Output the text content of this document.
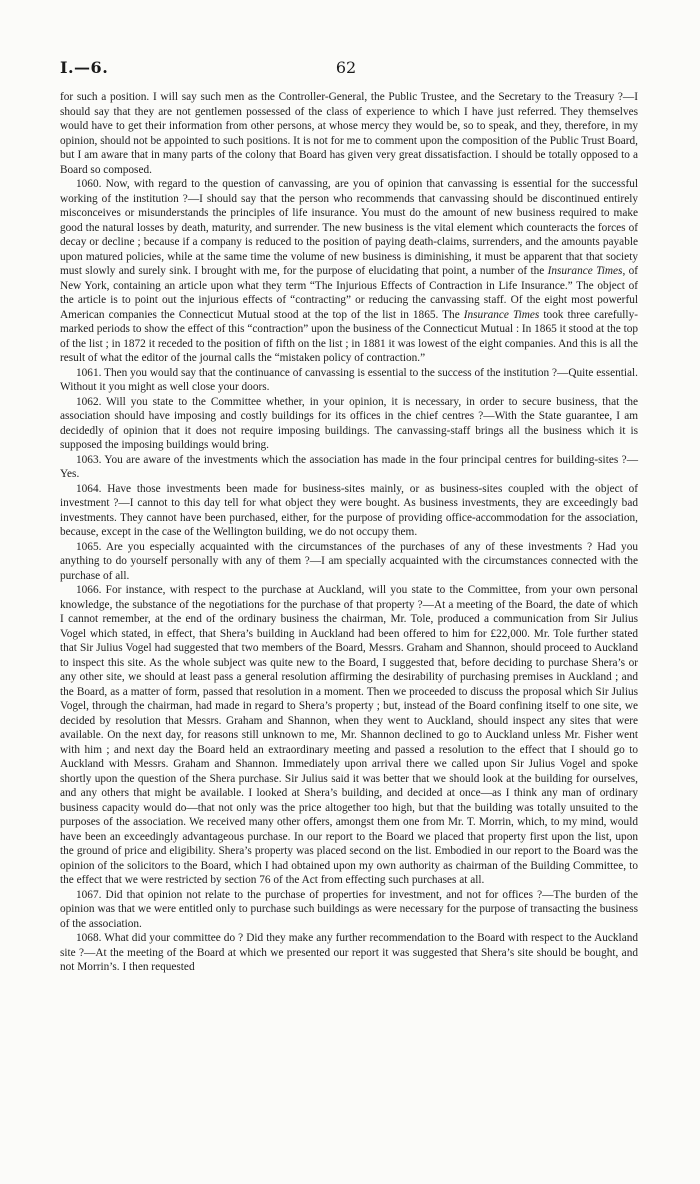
I.—6.	62

for such a position. I will say such men as the Controller-General, the Public Trustee, and the Secretary to the Treasury ?—I should say that they are not gentlemen possessed of the class of experience to which I have just referred. They themselves would have to get their information from other persons, at whose mercy they would be, so to speak, and they, therefore, in my opinion, should not be appointed to such positions. It is not for me to comment upon the composition of the Public Trust Board, but I am aware that in many parts of the colony that Board has given very great dissatisfaction. I should be totally opposed to a Board so composed.

1060. Now, with regard to the question of canvassing, are you of opinion that canvassing is essential for the successful working of the institution ?—I should say that the person who recommends that canvassing should be discontinued entirely misconceives or misunderstands the principles of life insurance. You must do the amount of new business required to make good the natural losses by death, maturity, and surrender. The new business is the vital element which counteracts the forces of decay or decline ; because if a company is reduced to the position of paying death-claims, surrenders, and the amounts payable upon matured policies, while at the same time the volume of new business is diminishing, it must be apparent that that society must slowly and surely sink. I brought with me, for the purpose of elucidating that point, a number of the Insurance Times, of New York, containing an article upon what they term “The Injurious Effects of Contraction in Life Insurance.” The object of the article is to point out the injurious effects of “contracting” or reducing the canvassing staff. Of the eight most powerful American companies the Connecticut Mutual stood at the top of the list in 1865. The Insurance Times took three carefully-marked periods to show the effect of this “contraction” upon the business of the Connecticut Mutual : In 1865 it stood at the top of the list ; in 1872 it receded to the position of fifth on the list ; in 1881 it was lowest of the eight companies. And this is all the result of what the editor of the journal calls the “mistaken policy of contraction.”

1061. Then you would say that the continuance of canvassing is essential to the success of the institution ?—Quite essential. Without it you might as well close your doors.

1062. Will you state to the Committee whether, in your opinion, it is necessary, in order to secure business, that the association should have imposing and costly buildings for its offices in the chief centres ?—With the State guarantee, I am decidedly of opinion that it does not require imposing buildings. The canvassing-staff brings all the business which it is supposed the imposing buildings would bring.

1063. You are aware of the investments which the association has made in the four principal centres for building-sites ?—Yes.

1064. Have those investments been made for business-sites mainly, or as business-sites coupled with the object of investment ?—I cannot to this day tell for what object they were bought. As business investments, they are exceedingly bad investments. They cannot have been purchased, either, for the purpose of providing office-accommodation for the association, because, except in the case of the Wellington building, we do not occupy them.

1065. Are you especially acquainted with the circumstances of the purchases of any of these investments ? Had you anything to do yourself personally with any of them ?—I am specially acquainted with the circumstances connected with the purchase of all.

1066. For instance, with respect to the purchase at Auckland, will you state to the Committee, from your own personal knowledge, the substance of the negotiations for the purchase of that property ?—At a meeting of the Board, the date of which I cannot remember, at the end of the ordinary business the chairman, Mr. Tole, produced a communication from Sir Julius Vogel which stated, in effect, that Shera’s building in Auckland had been offered to him for £22,000. Mr. Tole further stated that Sir Julius Vogel had suggested that two members of the Board, Messrs. Graham and Shannon, should proceed to Auckland to inspect this site. As the whole subject was quite new to the Board, I suggested that, before deciding to purchase Shera’s or any other site, we should at least pass a general resolution affirming the desirability of purchasing premises in Auckland ; and the Board, as a matter of form, passed that resolution in a moment. Then we proceeded to discuss the proposal which Sir Julius Vogel, through the chairman, had made in regard to Shera’s property ; but, instead of the Board confining itself to one site, we decided by resolution that Messrs. Graham and Shannon, when they went to Auckland, should inspect any sites that were available. On the next day, for reasons still unknown to me, Mr. Shannon declined to go to Auckland unless Mr. Fisher went with him ; and next day the Board held an extraordinary meeting and passed a resolution to the effect that I should go to Auckland with Messrs. Graham and Shannon. Immediately upon arrival there we called upon Sir Julius Vogel and spoke shortly upon the question of the Shera purchase. Sir Julius said it was better that we should look at the building for ourselves, and any others that might be available. I looked at Shera’s building, and decided at once—as I think any man of ordinary business capacity would do—that not only was the price altogether too high, but that the building was totally unsuited to the purposes of the association. We received many other offers, amongst them one from Mr. T. Morrin, which, to my mind, would have been an exceedingly advantageous purchase. In our report to the Board we placed that property first upon the list, upon the ground of price and eligibility. Shera’s property was placed second on the list. Embodied in our report to the Board was the opinion of the solicitors to the Board, which I had obtained upon my own authority as chairman of the Building Committee, to the effect that we were restricted by section 76 of the Act from effecting such purchases at all.

1067. Did that opinion not relate to the purchase of properties for investment, and not for offices ?—The burden of the opinion was that we were entitled only to purchase such buildings as were necessary for the purpose of transacting the business of the association.

1068. What did your committee do ? Did they make any further recommendation to the Board with respect to the Auckland site ?—At the meeting of the Board at which we presented our report it was suggested that Shera’s site should be bought, and not Morrin’s. I then requested
